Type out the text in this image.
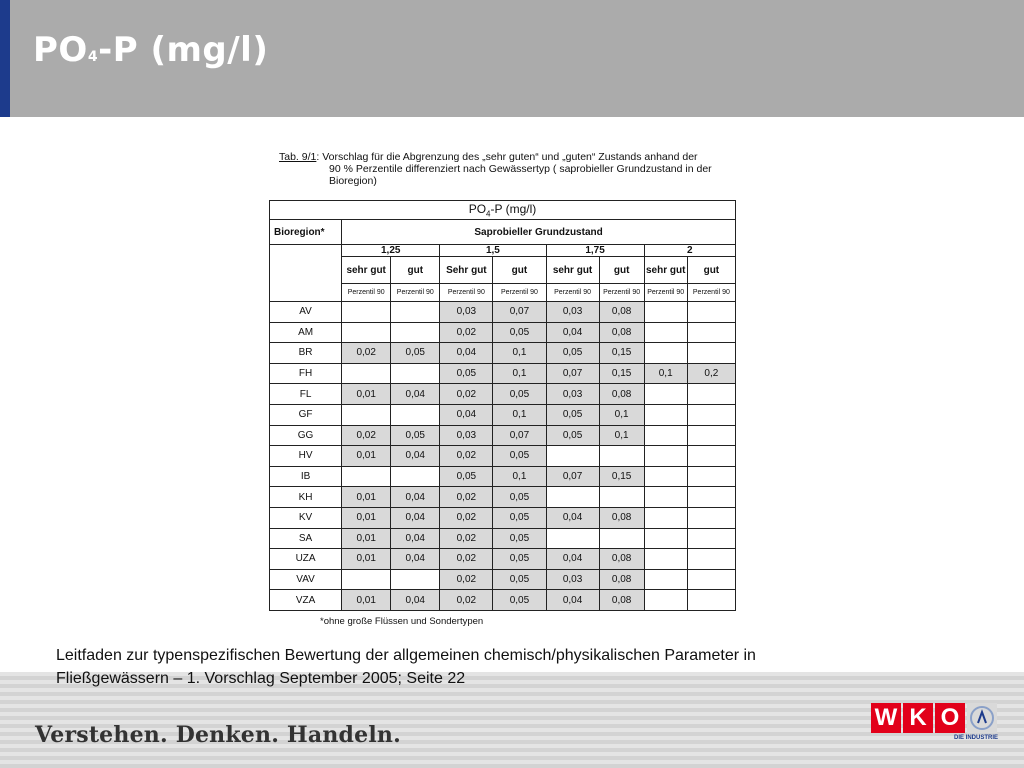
PO4-P (mg/l)
Tab. 9/1: Vorschlag für die Abgrenzung des „sehr guten“ und „guten“ Zustands anhand der
90 % Perzentile differenziert nach Gewässertyp ( saprobieller Grundzustand in der
Bioregion)
$PO_4-P$ (mg/l)								
Bioregion*	Saprobieller Grundzustand							
	1,25		1,5		1,75		2	
	sehr gut	gut	Sehr gut	gut	sehr gut	gut	sehr gut	gut
	Perzentil 90	Perzentil 90	Perzentil 90	Perzentil 90	Perzentil 90	Perzentil 90	Perzentil 90	Perzentil 90
AV			0,03	0,07	0,03	0,08		
AM			0,02	0,05	0,04	0,08		
BR	0,02	0,05	0,04	0,1	0,05	0,15		
FH			0,05	0,1	0,07	0,15	0,1	0,2
FL	0,01	0,04	0,02	0,05	0,03	0,08		
GF			0,04	0,1	0,05	0,1		
GG	0,02	0,05	0,03	0,07	0,05	0,1		
HV	0,01	0,04	0,02	0,05				
IB			0,05	0,1	0,07	0,15		
KH	0,01	0,04	0,02	0,05				
KV	0,01	0,04	0,02	0,05	0,04	0,08		
SA	0,01	0,04	0,02	0,05				
UZA	0,01	0,04	0,02	0,05	0,04	0,08		
VAV			0,02	0,05	0,03	0,08		
VZA	0,01	0,04	0,02	0,05	0,04	0,08		
*ohne große Flüssen und Sondertypen
Leitfaden zur typenspezifischen Bewertung der allgemeinen chemisch/physikalischen Parameter in
Fließgewässern – 1. Vorschlag September 2005; Seite 22
Verstehen. Denken. Handeln.
W K O
DIE INDUSTRIE
